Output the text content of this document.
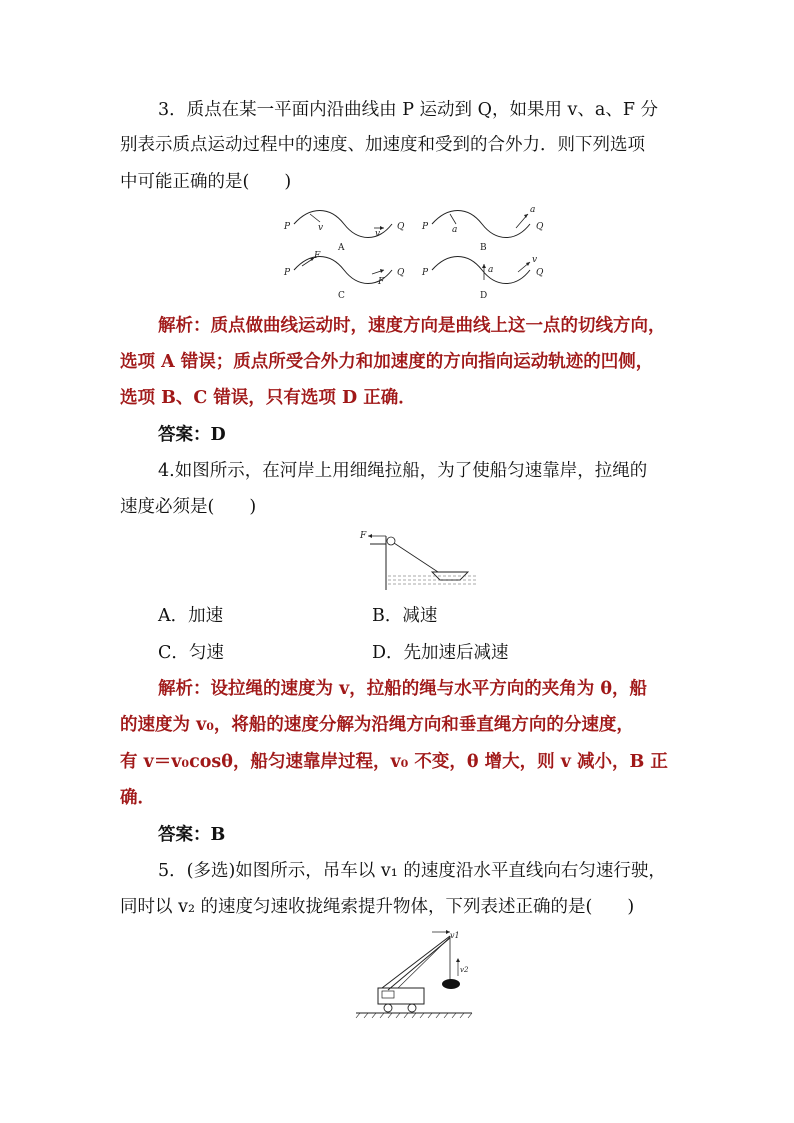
3．质点在某一平面内沿曲线由 P 运动到 Q，如果用 v、a、F 分
别表示质点运动过程中的速度、加速度和受到的合外力．则下列选项
中可能正确的是(　　)
P	v
v
Q
A
P	a
a
Q
B
P
F
F
Q
C
P	a
v
Q
D
解析：质点做曲线运动时，速度方向是曲线上这一点的切线方向，
选项 A 错误；质点所受合外力和加速度的方向指向运动轨迹的凹侧，
选项 B、C 错误，只有选项 D 正确．
答案：D
4.如图所示，在河岸上用细绳拉船，为了使船匀速靠岸，拉绳的
速度必须是(　　)
F
A．加速	B．减速
C．匀速	D．先加速后减速
解析：设拉绳的速度为 v，拉船的绳与水平方向的夹角为 θ，船
的速度为 v₀，将船的速度分解为沿绳方向和垂直绳方向的分速度，
有 v＝v₀cosθ，船匀速靠岸过程，v₀ 不变，θ 增大，则 v 减小，B 正
确．
答案：B
5．(多选)如图所示，吊车以 v₁ 的速度沿水平直线向右匀速行驶，
同时以 v₂ 的速度匀速收拢绳索提升物体，下列表述正确的是(　　)
v1
v2
